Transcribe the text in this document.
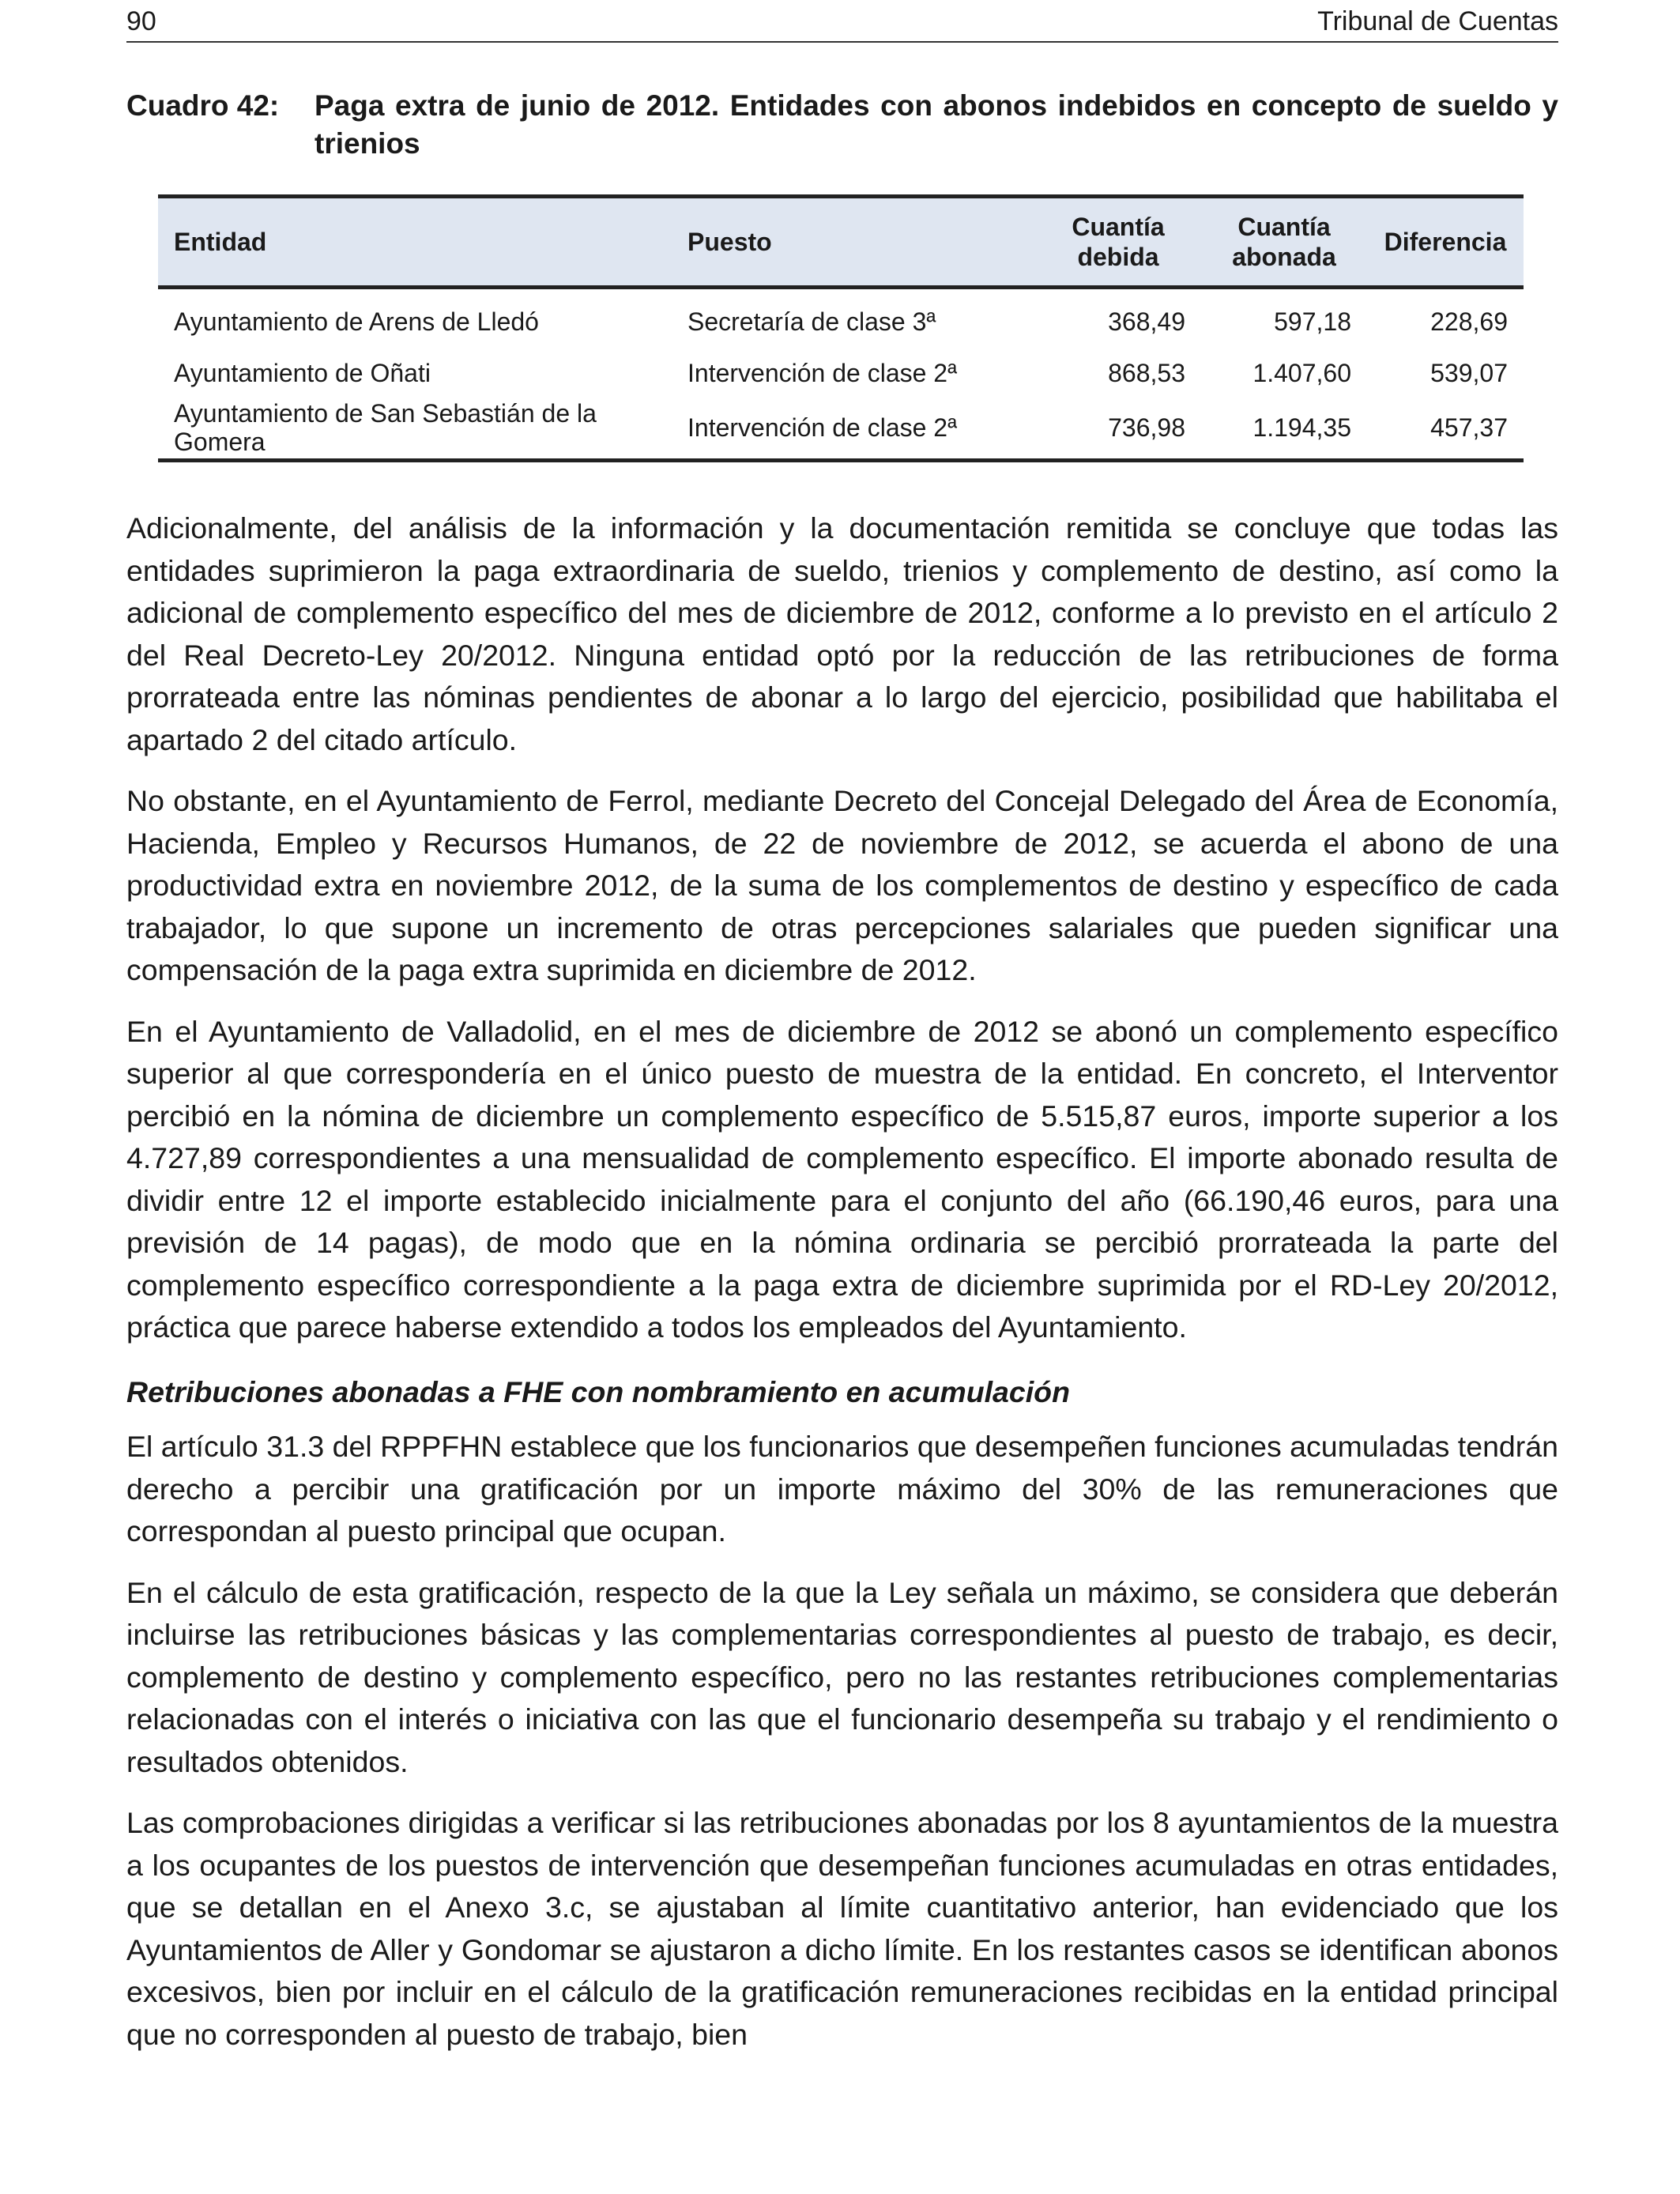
90	Tribunal de Cuentas
Cuadro 42: Paga extra de junio de 2012. Entidades con abonos indebidos en concepto de sueldo y trienios
Entidad	Puesto	Cuantía debida	Cuantía abonada	Diferencia
Ayuntamiento de Arens de Lledó	Secretaría de clase 3ª	368,49	597,18	228,69
Ayuntamiento de Oñati	Intervención de clase 2ª	868,53	1.407,60	539,07
Ayuntamiento de San Sebastián de la Gomera	Intervención de clase 2ª	736,98	1.194,35	457,37

Adicionalmente, del análisis de la información y la documentación remitida se concluye que todas las entidades suprimieron la paga extraordinaria de sueldo, trienios y complemento de destino, así como la adicional de complemento específico del mes de diciembre de 2012, conforme a lo previsto en el artículo 2 del Real Decreto-Ley 20/2012. Ninguna entidad optó por la reducción de las retribuciones de forma prorrateada entre las nóminas pendientes de abonar a lo largo del ejercicio, posibilidad que habilitaba el apartado 2 del citado artículo.

No obstante, en el Ayuntamiento de Ferrol, mediante Decreto del Concejal Delegado del Área de Economía, Hacienda, Empleo y Recursos Humanos, de 22 de noviembre de 2012, se acuerda el abono de una productividad extra en noviembre 2012, de la suma de los complementos de destino y específico de cada trabajador, lo que supone un incremento de otras percepciones salariales que pueden significar una compensación de la paga extra suprimida en diciembre de 2012.

En el Ayuntamiento de Valladolid, en el mes de diciembre de 2012 se abonó un complemento específico superior al que correspondería en el único puesto de muestra de la entidad. En concreto, el Interventor percibió en la nómina de diciembre un complemento específico de 5.515,87 euros, importe superior a los 4.727,89 correspondientes a una mensualidad de complemento específico. El importe abonado resulta de dividir entre 12 el importe establecido inicialmente para el conjunto del año (66.190,46 euros, para una previsión de 14 pagas), de modo que en la nómina ordinaria se percibió prorrateada la parte del complemento específico correspondiente a la paga extra de diciembre suprimida por el RD-Ley 20/2012, práctica que parece haberse extendido a todos los empleados del Ayuntamiento.

Retribuciones abonadas a FHE con nombramiento en acumulación

El artículo 31.3 del RPPFHN establece que los funcionarios que desempeñen funciones acumuladas tendrán derecho a percibir una gratificación por un importe máximo del 30% de las remuneraciones que correspondan al puesto principal que ocupan.

En el cálculo de esta gratificación, respecto de la que la Ley señala un máximo, se considera que deberán incluirse las retribuciones básicas y las complementarias correspondientes al puesto de trabajo, es decir, complemento de destino y complemento específico, pero no las restantes retribuciones complementarias relacionadas con el interés o iniciativa con las que el funcionario desempeña su trabajo y el rendimiento o resultados obtenidos.

Las comprobaciones dirigidas a verificar si las retribuciones abonadas por los 8 ayuntamientos de la muestra a los ocupantes de los puestos de intervención que desempeñan funciones acumuladas en otras entidades, que se detallan en el Anexo 3.c, se ajustaban al límite cuantitativo anterior, han evidenciado que los Ayuntamientos de Aller y Gondomar se ajustaron a dicho límite. En los restantes casos se identifican abonos excesivos, bien por incluir en el cálculo de la gratificación remuneraciones recibidas en la entidad principal que no corresponden al puesto de trabajo, bien
